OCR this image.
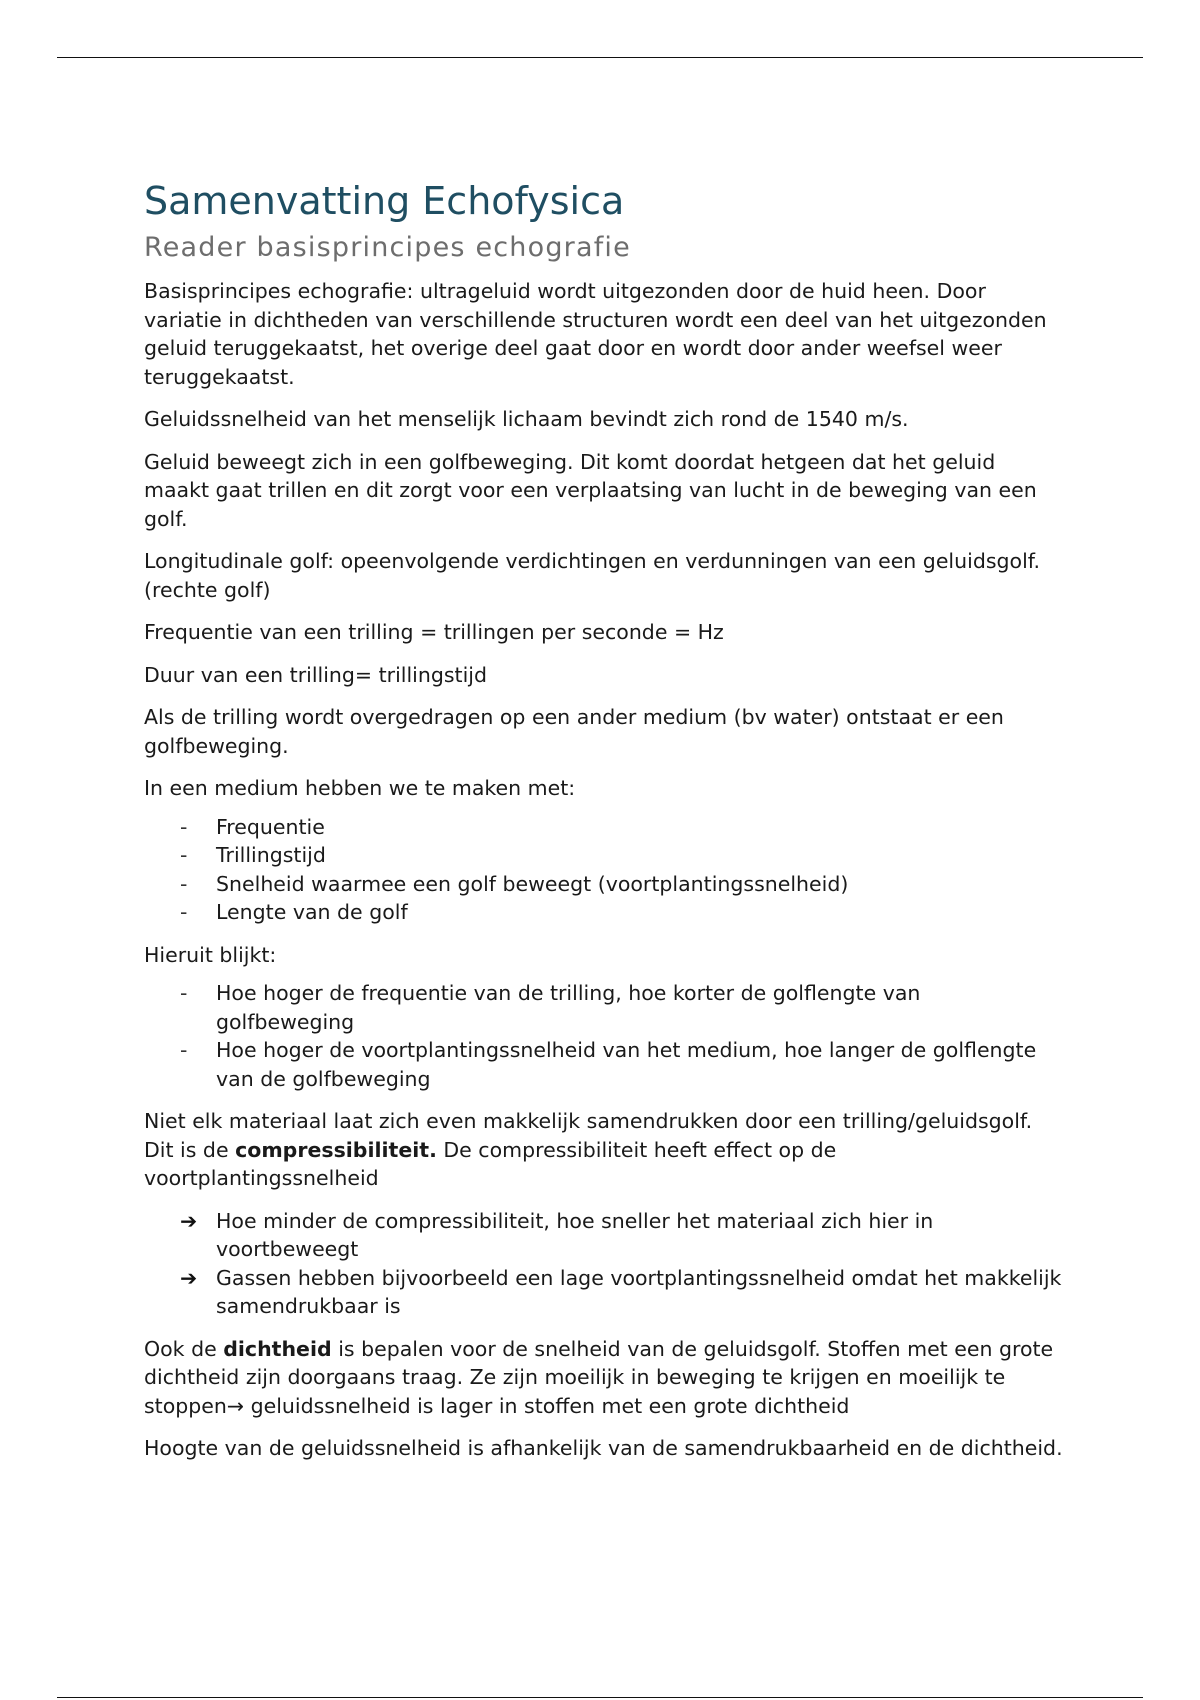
Samenvatting Echofysica
Reader basisprincipes echografie

Basisprincipes echografie: ultrageluid wordt uitgezonden door de huid heen. Door variatie in dichtheden van verschillende structuren wordt een deel van het uitgezonden geluid teruggekaatst, het overige deel gaat door en wordt door ander weefsel weer teruggekaatst.

Geluidssnelheid van het menselijk lichaam bevindt zich rond de 1540 m/s.

Geluid beweegt zich in een golfbeweging. Dit komt doordat hetgeen dat het geluid maakt gaat trillen en dit zorgt voor een verplaatsing van lucht in de beweging van een golf.

Longitudinale golf: opeenvolgende verdichtingen en verdunningen van een geluidsgolf. (rechte golf)

Frequentie van een trilling = trillingen per seconde = Hz

Duur van een trilling= trillingstijd

Als de trilling wordt overgedragen op een ander medium (bv water) ontstaat er een golfbeweging.

In een medium hebben we te maken met:

- Frequentie
- Trillingstijd
- Snelheid waarmee een golf beweegt (voortplantingssnelheid)
- Lengte van de golf

Hieruit blijkt:

- Hoe hoger de frequentie van de trilling, hoe korter de golflengte van golfbeweging
- Hoe hoger de voortplantingssnelheid van het medium, hoe langer de golflengte van de golfbeweging

Niet elk materiaal laat zich even makkelijk samendrukken door een trilling/geluidsgolf. Dit is de compressibiliteit. De compressibiliteit heeft effect op de voortplantingssnelheid

➔ Hoe minder de compressibiliteit, hoe sneller het materiaal zich hier in voortbeweegt
➔ Gassen hebben bijvoorbeeld een lage voortplantingssnelheid omdat het makkelijk samendrukbaar is

Ook de dichtheid is bepalen voor de snelheid van de geluidsgolf. Stoffen met een grote dichtheid zijn doorgaans traag. Ze zijn moeilijk in beweging te krijgen en moeilijk te stoppen→ geluidssnelheid is lager in stoffen met een grote dichtheid

Hoogte van de geluidssnelheid is afhankelijk van de samendrukbaarheid en de dichtheid.
